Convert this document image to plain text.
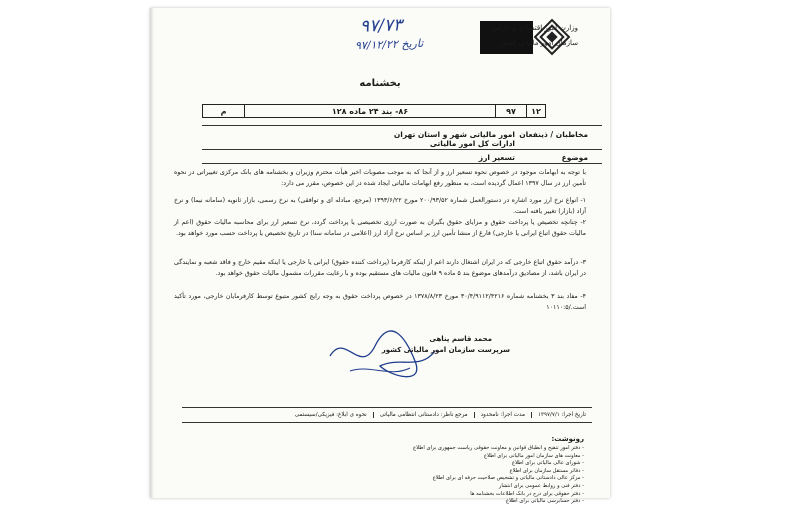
۹۷/۷۳
۹۷/۱۲/۲۲ تاریخ
وزارت امور اقتصادی و دارایی
سازمان امور مالیاتی کشور
بخشنامه
۱۲
۹۷
۸۶- بند ۲۴ ماده ۱۲۸
م
مخاطبان / ذینفعان
امور مالیاتی شهر و استان تهران
ادارات کل امور مالیاتی
موضوع
تسعیر ارز
با توجه به ابهامات موجود در خصوص نحوه تسعیر ارز و از آنجا که به موجب مصوبات اخیر هیأت محترم وزیران و بخشنامه های بانک مرکزی تغییراتی در نحوه تأمین ارز در سال ۱۳۹۷ اعمال گردیده است، به منظور رفع ابهامات مالیاتی ایجاد شده در این خصوص، مقرر می دارد:
۱- انواع نرخ ارز مورد اشاره در دستورالعمل شماره ۲۰۰/۹۳/۵۲ مورخ ۱۳۹۳/۶/۲۲ (مرجع، مبادله ای و توافقی) به نرخ رسمی، بازار ثانویه (سامانه نیما) و نرخ آزاد (بازار) تغییر یافته است.
۲- چنانچه تخصیص یا پرداخت حقوق و مزایای حقوق بگیران به صورت ارزی تخصیصی یا پرداخت گردد، نرخ تسعیر ارز برای محاسبه مالیات حقوق (اعم از مالیات حقوق اتباع ایرانی یا خارجی) فارغ از منشا تأمین ارز بر اساس نرخ آزاد ارز (اعلامی در سامانه سنا) در تاریخ تخصیص یا پرداخت حسب مورد خواهد بود.
۳- درآمد حقوق اتباع خارجی که در ایران اشتغال دارند اعم از اینکه کارفرما (پرداخت کننده حقوق) ایرانی یا خارجی یا اینکه مقیم خارج و فاقد شعبه و نمایندگی در ایران باشد، از مصادیق درآمدهای موضوع بند ۵ ماده ۹ قانون مالیات های مستقیم بوده و با رعایت مقررات مشمول مالیات حقوق خواهد بود.
۴- مفاد بند ۳ بخشنامه شماره ۳۰/۴/۹۱۱۲/۴۲۱۶ مورخ ۱۳۷۸/۸/۲۳ در خصوص پرداخت حقوق به وجه رایج کشور متبوع توسط کارفرمایان خارجی، مورد تأکید است./۱۰۱۱۰:۵
محمد قاسم پناهی
سرپرست سازمان امور مالیاتی کشور
تاریخ اجرا: ۱۳۹۷/۷/۱
مدت اجرا: نامحدود
مرجع ناظر: دادستانی انتظامی مالیاتی
نحوه ی ابلاغ: فیزیکی/سیستمی
رونوشت:
- دفتر امور تنقیح و انطباق قوانین و معاونت حقوقی ریاست جمهوری برای اطلاع
- معاونت های سازمان امور مالیاتی برای اطلاع
- شورای عالی مالیاتی برای اطلاع
- دفاتر مستقل سازمان برای اطلاع
- مرکز عالی دادستانی مالیاتی و تشخیص صلاحیت حرفه ای برای اطلاع
- دفتر فنی و روابط عمومی برای انتشار
- دفتر حقوقی برای درج در بانک اطلاعات بخشنامه ها
- دفتر حسابرسی مالیاتی برای اطلاع
